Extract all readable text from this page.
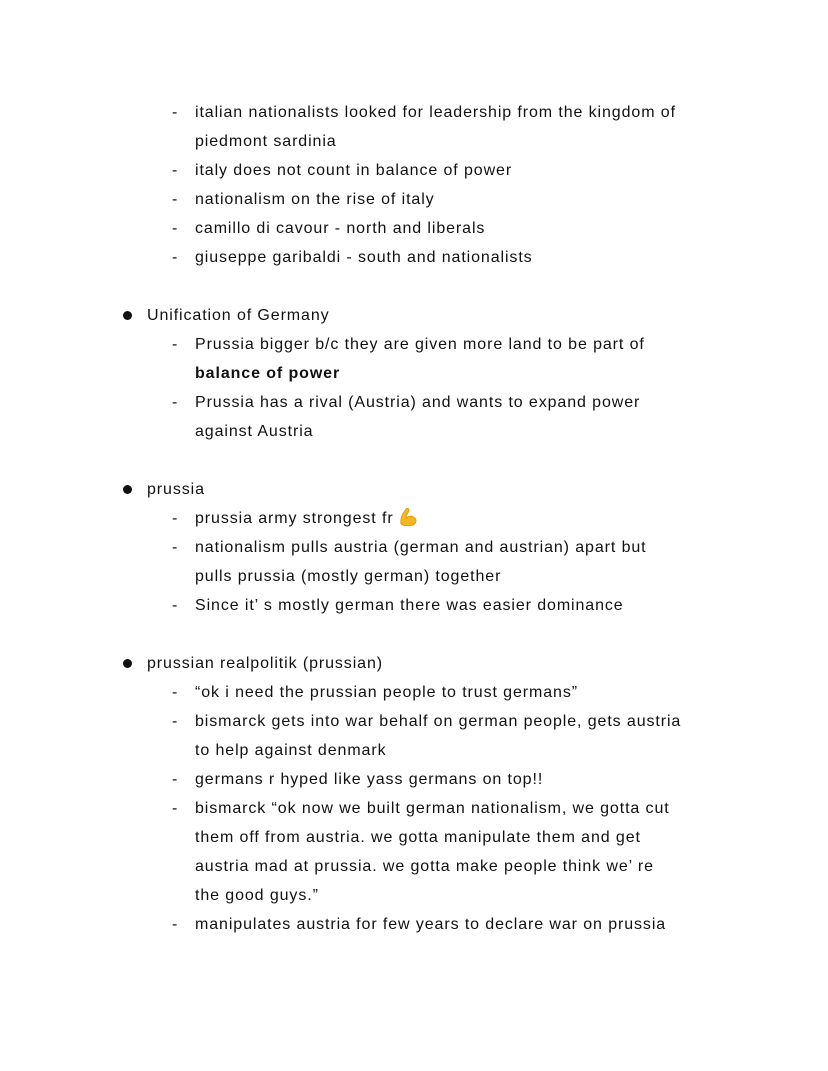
- italian nationalists looked for leadership from the kingdom of
piedmont sardinia
- italy does not count in balance of power
- nationalism on the rise of italy
- camillo di cavour - north and liberals
- giuseppe garibaldi - south and nationalists
Unification of Germany
- Prussia bigger b/c they are given more land to be part of
balance of power
- Prussia has a rival (Austria) and wants to expand power
against Austria
prussia
- prussia army strongest fr
- nationalism pulls austria (german and austrian) apart but
pulls prussia (mostly german) together
- Since it’ s mostly german there was easier dominance
prussian realpolitik (prussian)
- “ok i need the prussian people to trust germans”
- bismarck gets into war behalf on german people, gets austria
to help against denmark
- germans r hyped like yass germans on top!!
- bismarck “ok now we built german nationalism, we gotta cut
them off from austria. we gotta manipulate them and get
austria mad at prussia. we gotta make people think we’ re
the good guys.”
- manipulates austria for few years to declare war on prussia
